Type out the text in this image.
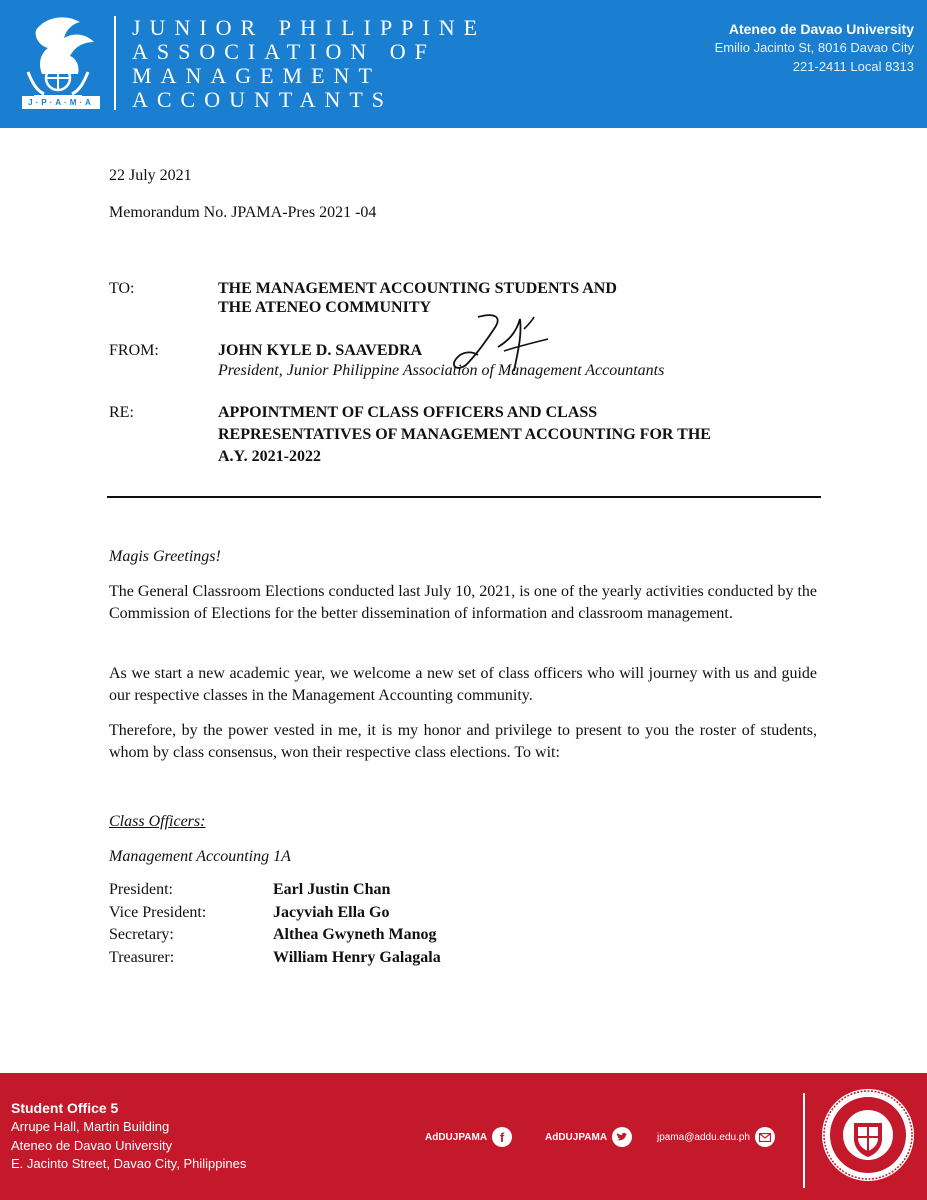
J·P·A·M·A
JUNIOR PHILIPPINE
ASSOCIATION OF
MANAGEMENT
ACCOUNTANTS
Ateneo de Davao University
Emilio Jacinto St, 8016 Davao City
221-2411 Local 8313
22 July 2021
Memorandum No. JPAMA-Pres 2021 -04
TO:	THE MANAGEMENT ACCOUNTING STUDENTS AND
THE ATENEO COMMUNITY
FROM:	JOHN KYLE D. SAAVEDRA
President, Junior Philippine Association of Management Accountants
RE:	APPOINTMENT OF CLASS OFFICERS AND CLASS
REPRESENTATIVES OF MANAGEMENT ACCOUNTING FOR THE
A.Y. 2021-2022
Magis Greetings!

The General Classroom Elections conducted last July 10, 2021, is one of the yearly activities conducted by the Commission of Elections for the better dissemination of information and classroom management.

As we start a new academic year, we welcome a new set of class officers who will journey with us and guide our respective classes in the Management Accounting community.

Therefore, by the power vested in me, it is my honor and privilege to present to you the roster of students, whom by class consensus, won their respective class elections. To wit:

Class Officers:
Management Accounting 1A
President:	Earl Justin Chan
Vice President:	Jacyviah Ella Go
Secretary:	Althea Gwyneth Manog
Treasurer:	William Henry Galagala
Student Office 5
Arrupe Hall, Martin Building
Ateneo de Davao University
E. Jacinto Street, Davao City, Philippines
AdDUJPAMA f	AdDUJPAMA	jpama@addu.edu.ph
